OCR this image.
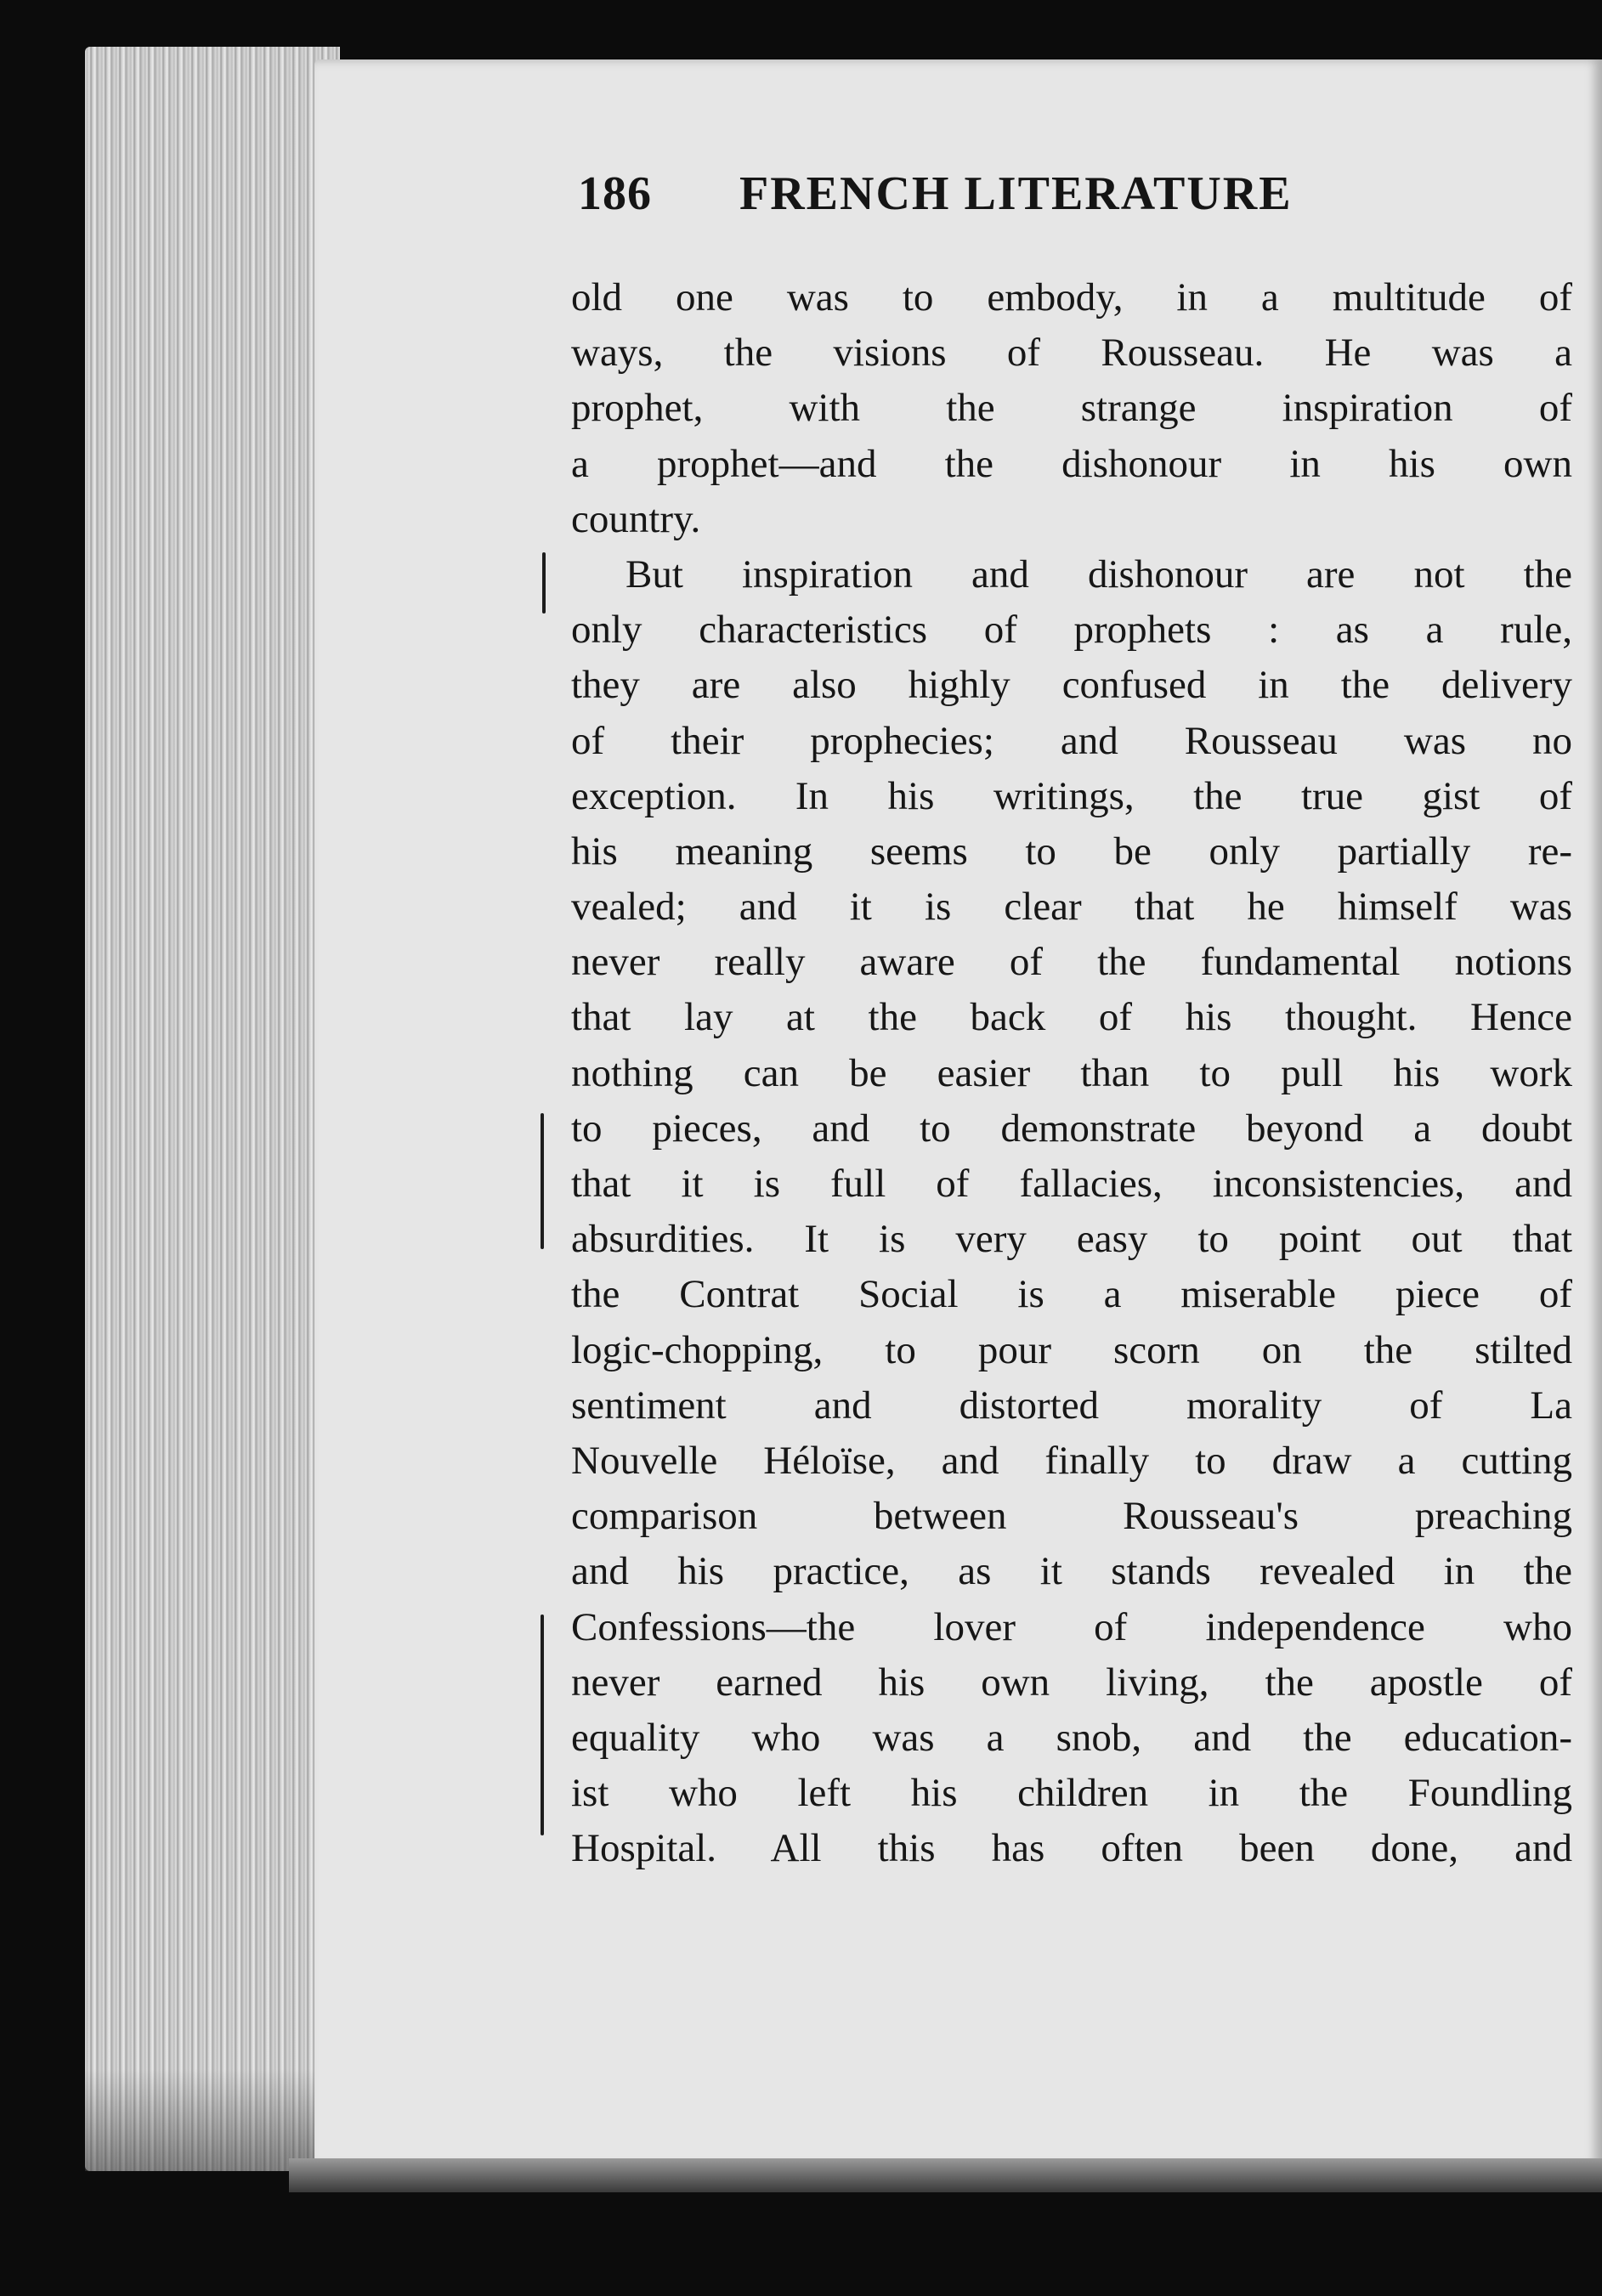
186 FRENCH LITERATURE
old one was to embody, in a multitude of
ways, the visions of Rousseau. He was a
prophet, with the strange inspiration of
a prophet—and the dishonour in his own
country.
But inspiration and dishonour are not the
only characteristics of prophets : as a rule,
they are also highly confused in the delivery
of their prophecies; and Rousseau was no
exception. In his writings, the true gist of
his meaning seems to be only partially re-
vealed; and it is clear that he himself was
never really aware of the fundamental notions
that lay at the back of his thought. Hence
nothing can be easier than to pull his work
to pieces, and to demonstrate beyond a doubt
that it is full of fallacies, inconsistencies, and
absurdities. It is very easy to point out that
the Contrat Social is a miserable piece of
logic-chopping, to pour scorn on the stilted
sentiment and distorted morality of La
Nouvelle Héloïse, and finally to draw a cutting
comparison between Rousseau's preaching
and his practice, as it stands revealed in the
Confessions—the lover of independence who
never earned his own living, the apostle of
equality who was a snob, and the education-
ist who left his children in the Foundling
Hospital. All this has often been done, and
